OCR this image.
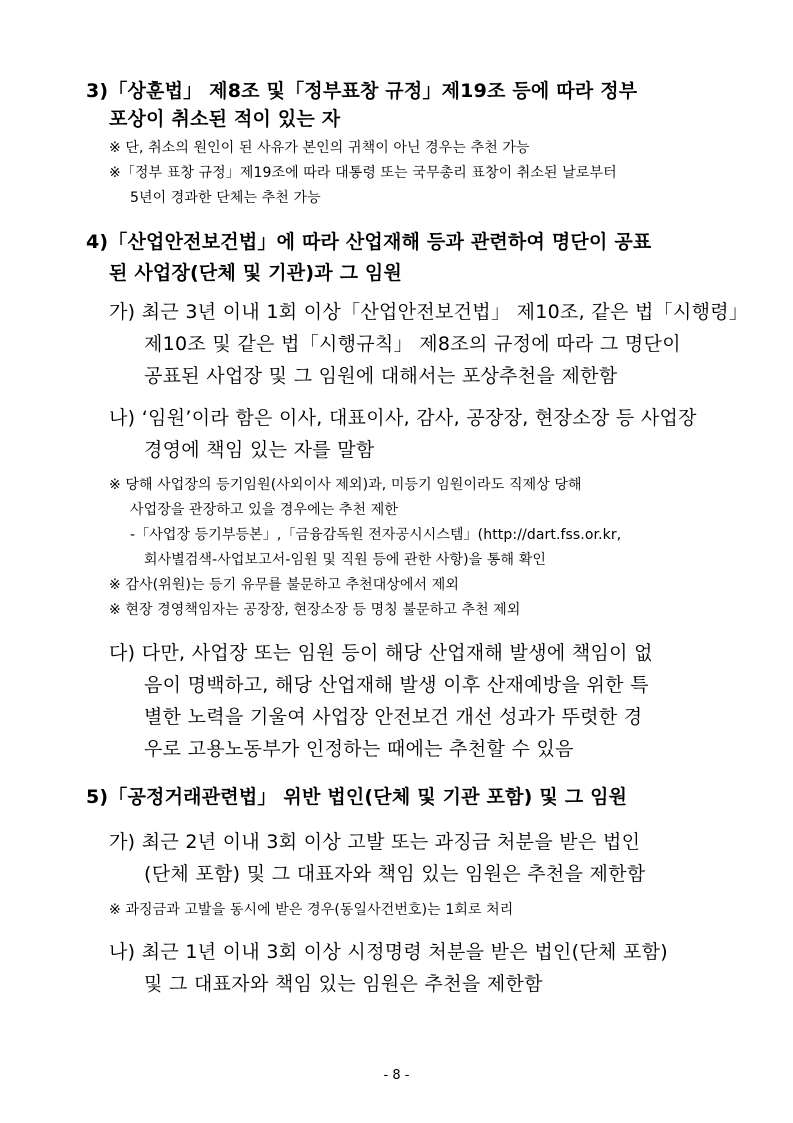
3)「상훈법」 제8조 및「정부표창 규정」제19조 등에 따라 정부
포상이 취소된 적이 있는 자
※ 단, 취소의 원인이 된 사유가 본인의 귀책이 아닌 경우는 추천 가능
※「정부 표창 규정」제19조에 따라 대통령 또는 국무총리 표창이 취소된 날로부터
5년이 경과한 단체는 추천 가능
4)「산업안전보건법」에 따라 산업재해 등과 관련하여 명단이 공표
된 사업장(단체 및 기관)과 그 임원
가) 최근 3년 이내 1회 이상「산업안전보건법」 제10조, 같은 법「시행령」
제10조 및 같은 법「시행규칙」 제8조의 규정에 따라 그 명단이
공표된 사업장 및 그 임원에 대해서는 포상추천을 제한함
나) ‘임원’이라 함은 이사, 대표이사, 감사, 공장장, 현장소장 등 사업장
경영에 책임 있는 자를 말함
※ 당해 사업장의 등기임원(사외이사 제외)과, 미등기 임원이라도 직제상 당해
사업장을 관장하고 있을 경우에는 추천 제한
-「사업장 등기부등본」,「금융감독원 전자공시시스템」(http://dart.fss.or.kr,
회사별검색-사업보고서-임원 및 직원 등에 관한 사항)을 통해 확인
※ 감사(위원)는 등기 유무를 불문하고 추천대상에서 제외
※ 현장 경영책임자는 공장장, 현장소장 등 명칭 불문하고 추천 제외
다) 다만, 사업장 또는 임원 등이 해당 산업재해 발생에 책임이 없
음이 명백하고, 해당 산업재해 발생 이후 산재예방을 위한 특
별한 노력을 기울여 사업장 안전보건 개선 성과가 뚜렷한 경
우로 고용노동부가 인정하는 때에는 추천할 수 있음
5)「공정거래관련법」 위반 법인(단체 및 기관 포함) 및 그 임원
가) 최근 2년 이내 3회 이상 고발 또는 과징금 처분을 받은 법인
(단체 포함) 및 그 대표자와 책임 있는 임원은 추천을 제한함
※ 과징금과 고발을 동시에 받은 경우(동일사건번호)는 1회로 처리
나) 최근 1년 이내 3회 이상 시정명령 처분을 받은 법인(단체 포함)
및 그 대표자와 책임 있는 임원은 추천을 제한함
- 8 -
